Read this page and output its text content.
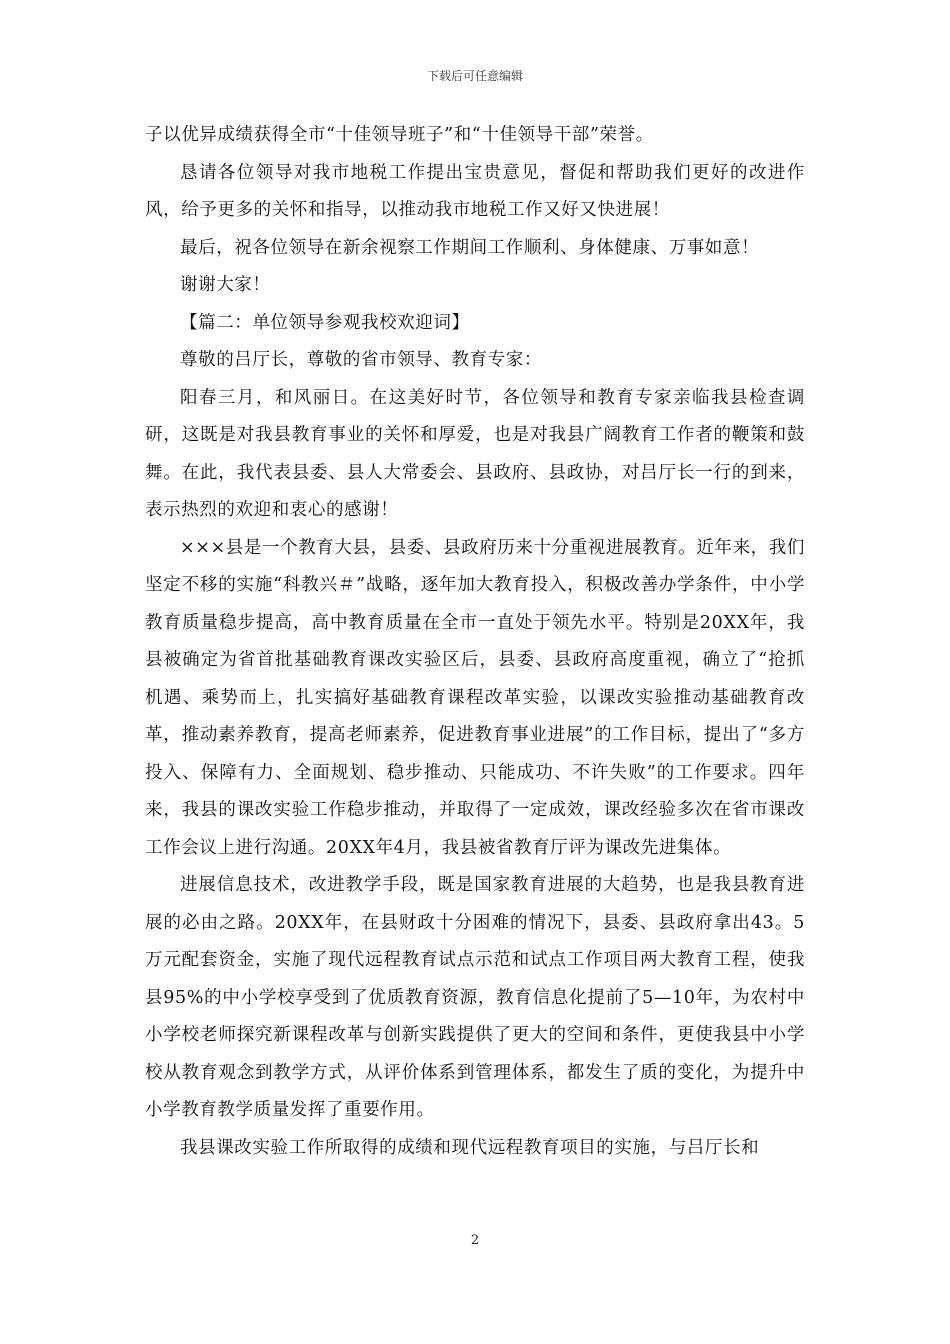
下载后可任意编辑

子以优异成绩获得全市“十佳领导班子”和“十佳领导干部”荣誉。

恳请各位领导对我市地税工作提出宝贵意见，督促和帮助我们更好的改进作风，给予更多的关怀和指导，以推动我市地税工作又好又快进展！

最后，祝各位领导在新余视察工作期间工作顺利、身体健康、万事如意！

谢谢大家！

【篇二：单位领导参观我校欢迎词】

尊敬的吕厅长，尊敬的省市领导、教育专家：

阳春三月，和风丽日。在这美好时节，各位领导和教育专家亲临我县检查调研，这既是对我县教育事业的关怀和厚爱，也是对我县广阔教育工作者的鞭策和鼓舞。在此，我代表县委、县人大常委会、县政府、县政协，对吕厅长一行的到来，表示热烈的欢迎和衷心的感谢！

×××县是一个教育大县，县委、县政府历来十分重视进展教育。近年来，我们坚定不移的实施“科教兴＃”战略，逐年加大教育投入，积极改善办学条件，中小学教育质量稳步提高，高中教育质量在全市一直处于领先水平。特别是20XX年，我县被确定为省首批基础教育课改实验区后，县委、县政府高度重视，确立了“抢抓机遇、乘势而上，扎实搞好基础教育课程改革实验，以课改实验推动基础教育改革，推动素养教育，提高老师素养，促进教育事业进展”的工作目标，提出了“多方投入、保障有力、全面规划、稳步推动、只能成功、不许失败”的工作要求。四年来，我县的课改实验工作稳步推动，并取得了一定成效，课改经验多次在省市课改工作会议上进行沟通。20XX年4月，我县被省教育厅评为课改先进集体。

进展信息技术，改进教学手段，既是国家教育进展的大趋势，也是我县教育进展的必由之路。20XX年，在县财政十分困难的情况下，县委、县政府拿出43。5万元配套资金，实施了现代远程教育试点示范和试点工作项目两大教育工程，使我县95%的中小学校享受到了优质教育资源，教育信息化提前了5—10年，为农村中小学校老师探究新课程改革与创新实践提供了更大的空间和条件，更使我县中小学校从教育观念到教学方式，从评价体系到管理体系，都发生了质的变化，为提升中小学教育教学质量发挥了重要作用。

我县课改实验工作所取得的成绩和现代远程教育项目的实施，与吕厅长和

2
